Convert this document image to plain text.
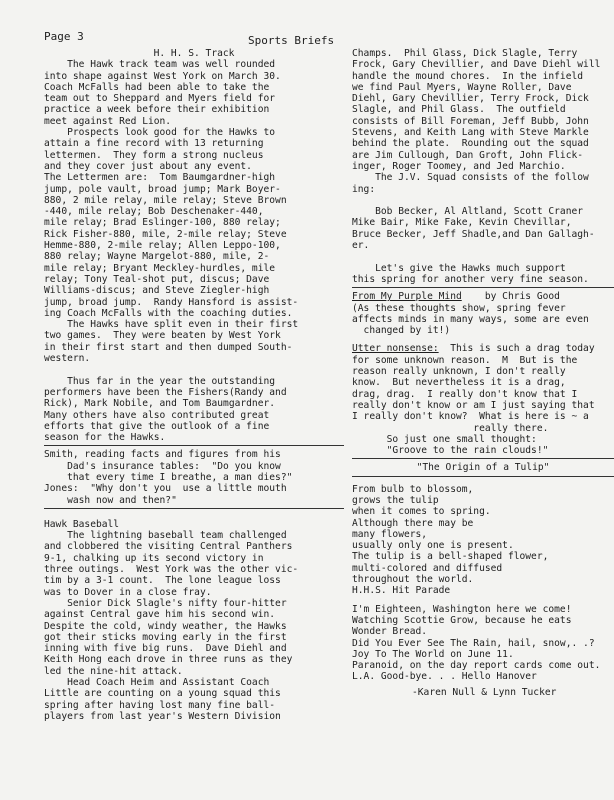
Page 3	Sports Briefs

H. H. S. Track

The Hawk track team was well rounded

into shape against West York on March 30.

Coach McFalls had been able to take the

team out to Sheppard and Myers field for

practice a week before their exhibition

meet against Red Lion.

Prospects look good for the Hawks to

attain a fine record with 13 returning

lettermen.  They form a strong nucleus

and they cover just about any event.

The Lettermen are:  Tom Baumgardner-high

jump, pole vault, broad jump; Mark Boyer-

880, 2 mile relay, mile relay; Steve Brown

-440, mile relay; Bob Deschenaker-440,

mile relay; Brad Eslinger-100, 880 relay;

Rick Fisher-880, mile, 2-mile relay; Steve

Hemme-880, 2-mile relay; Allen Leppo-100,

880 relay; Wayne Margelot-880, mile, 2-

mile relay; Bryant Meckley-hurdles, mile

relay; Tony Teal-shot put, discus; Dave

Williams-discus; and Steve Ziegler-high

jump, broad jump.  Randy Hansford is assist-

ing Coach McFalls with the coaching duties.

The Hawks have split even in their first

two games.  They were beaten by West York

in their first start and then dumped South-

western.

Thus far in the year the outstanding

performers have been the Fishers(Randy and

Rick), Mark Nobile, and Tom Baumgardner.

Many others have also contributed great

efforts that give the outlook of a fine

season for the Hawks.

Smith, reading facts and figures from his

Dad's insurance tables:  "Do you know

that every time I breathe, a man dies?"

Jones:  "Why don't you  use a little mouth

wash now and then?"

Hawk Baseball

The lightning baseball team challenged

and clobbered the visiting Central Panthers

9-1, chalking up its second victory in

three outings.  West York was the other vic-

tim by a 3-1 count.  The lone league loss

was to Dover in a close fray.

Senior Dick Slagle's nifty four-hitter

against Central gave him his second win.

Despite the cold, windy weather, the Hawks

got their sticks moving early in the first

inning with five big runs.  Dave Diehl and

Keith Hong each drove in three runs as they

led the nine-hit attack.

Head Coach Heim and Assistant Coach

Little are counting on a young squad this

spring after having lost many fine ball-

players from last year's Western Division

Champs.  Phil Glass, Dick Slagle, Terry

Frock, Gary Chevillier, and Dave Diehl will

handle the mound chores.  In the infield

we find Paul Myers, Wayne Roller, Dave

Diehl, Gary Chevillier, Terry Frock, Dick

Slagle, and Phil Glass.  The outfield

consists of Bill Foreman, Jeff Bubb, John

Stevens, and Keith Lang with Steve Markle

behind the plate.  Rounding out the squad

are Jim Cullough, Dan Groft, John Flick-

inger, Roger Toomey, and Jed Marchio.

The J.V. Squad consists of the follow

ing:

Bob Becker, Al Altland, Scott Craner

Mike Bair, Mike Fake, Kevin Chevillar,

Bruce Becker, Jeff Shadle,and Dan Gallagh-

er.

Let's give the Hawks much support

this spring for another very fine season.

From My Purple Mind by Chris Good

(As these thoughts show, spring fever

affects minds in many ways, some are even

changed by it!)

Utter nonsense:  This is such a drag today

for some unknown reason.  M  But is the

reason really unknown, I don't really

know.  But nevertheless it is a drag,

drag, drag.  I really don't know that I

really don't know or am I just saying that

I really don't know?  What is here is ~ a

really there.

So just one small thought:

"Groove to the rain clouds!"

"The Origin of a Tulip"

From bulb to blossom,

grows the tulip

when it comes to spring.

Although there may be

many flowers,

usually only one is present.

The tulip is a bell-shaped flower,

multi-colored and diffused

throughout the world.

H.H.S. Hit Parade

I'm Eighteen, Washington here we come!

Watching Scottie Grow, because he eats

Wonder Bread.

Did You Ever See The Rain, hail, snow,. .?

Joy To The World on June 11.

Paranoid, on the day report cards come out.

L.A. Good-bye. . . Hello Hanover

-Karen Null & Lynn Tucker
